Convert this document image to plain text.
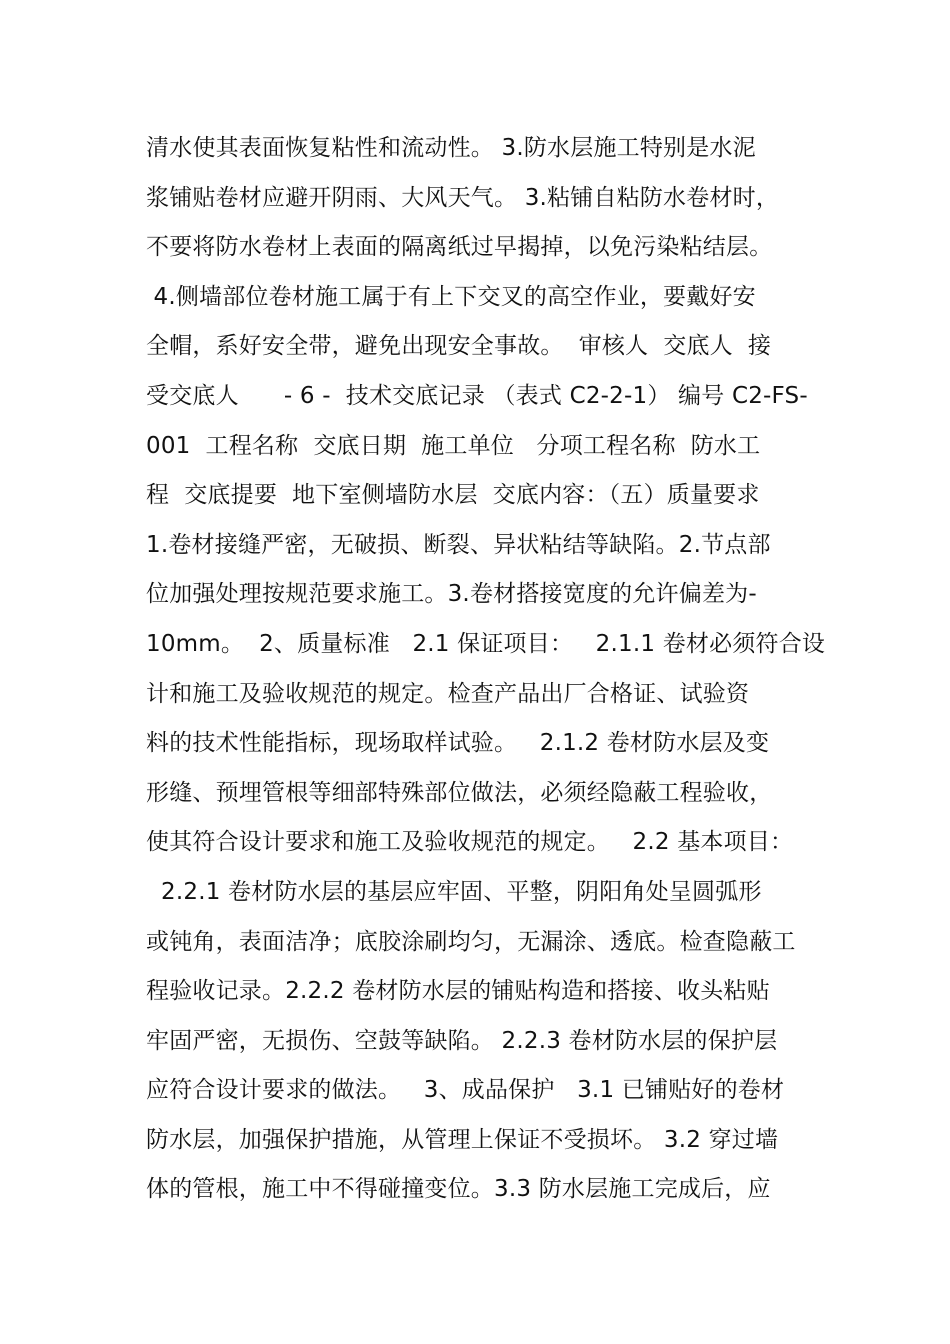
清水使其表面恢复粘性和流动性。 3.防水层施工特别是水泥
浆铺贴卷材应避开阴雨、大风天气。 3.粘铺自粘防水卷材时，
不要将防水卷材上表面的隔离纸过早揭掉，以免污染粘结层。
4.侧墙部位卷材施工属于有上下交叉的高空作业，要戴好安
全帽，系好安全带，避免出现安全事故。  审核人  交底人  接
受交底人      - 6 -  技术交底记录 （表式 C2-2-1） 编号 C2-FS-
001  工程名称  交底日期  施工单位   分项工程名称  防水工
程  交底提要  地下室侧墙防水层  交底内容：（五）质量要求
1.卷材接缝严密，无破损、断裂、异状粘结等缺陷。2.节点部
位加强处理按规范要求施工。3.卷材搭接宽度的允许偏差为-
10mm。  2、质量标准   2.1 保证项目：   2.1.1 卷材必须符合设
计和施工及验收规范的规定。检查产品出厂合格证、试验资
料的技术性能指标，现场取样试验。   2.1.2 卷材防水层及变
形缝、预埋管根等细部特殊部位做法，必须经隐蔽工程验收，
使其符合设计要求和施工及验收规范的规定。   2.2 基本项目：
2.2.1 卷材防水层的基层应牢固、平整，阴阳角处呈圆弧形
或钝角，表面洁净；底胶涂刷均匀，无漏涂、透底。检查隐蔽工
程验收记录。2.2.2 卷材防水层的铺贴构造和搭接、收头粘贴
牢固严密，无损伤、空鼓等缺陷。 2.2.3 卷材防水层的保护层
应符合设计要求的做法。   3、成品保护   3.1 已铺贴好的卷材
防水层，加强保护措施，从管理上保证不受损坏。 3.2 穿过墙
体的管根，施工中不得碰撞变位。3.3 防水层施工完成后，应
